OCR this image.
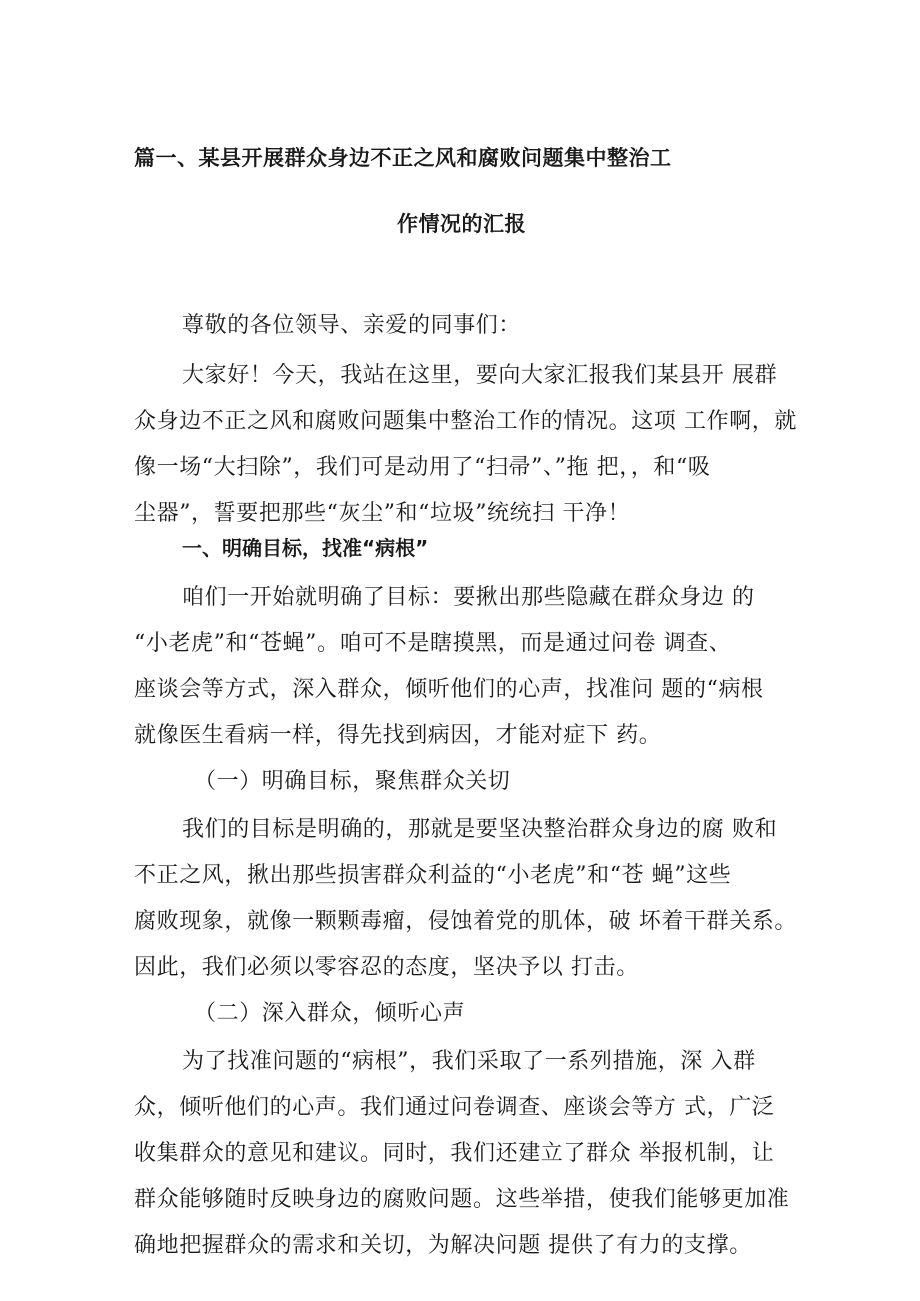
篇一、某县开展群众身边不正之风和腐败问题集中整治工
作情况的汇报
尊敬的各位领导、亲爱的同事们：
大家好！今天，我站在这里，要向大家汇报我们某县开 展群
众身边不正之风和腐败问题集中整治工作的情况。这项 工作啊，就
像一场“大扫除”，我们可是动用了“扫帚”、”拖 把，，和“吸
尘器”，誓要把那些“灰尘”和“垃圾”统统扫 干净！
一、明确目标，找准“病根”
咱们一开始就明确了目标：要揪出那些隐藏在群众身边 的
“小老虎”和“苍蝇”。咱可不是瞎摸黑，而是通过问卷 调查、
座谈会等方式，深入群众，倾听他们的心声，找准问 题的“病根
就像医生看病一样，得先找到病因，才能对症下 药。
（一）明确目标，聚焦群众关切
我们的目标是明确的，那就是要坚决整治群众身边的腐 败和
不正之风，揪出那些损害群众利益的“小老虎”和“苍 蝇”这些
腐败现象，就像一颗颗毒瘤，侵蚀着党的肌体，破 坏着干群关系。
因此，我们必须以零容忍的态度，坚决予以 打击。
（二）深入群众，倾听心声
为了找准问题的“病根”，我们采取了一系列措施，深 入群
众，倾听他们的心声。我们通过问卷调查、座谈会等方 式，广泛
收集群众的意见和建议。同时，我们还建立了群众 举报机制，让
群众能够随时反映身边的腐败问题。这些举措，使我们能够更加准
确地把握群众的需求和关切，为解决问题 提供了有力的支撑。
